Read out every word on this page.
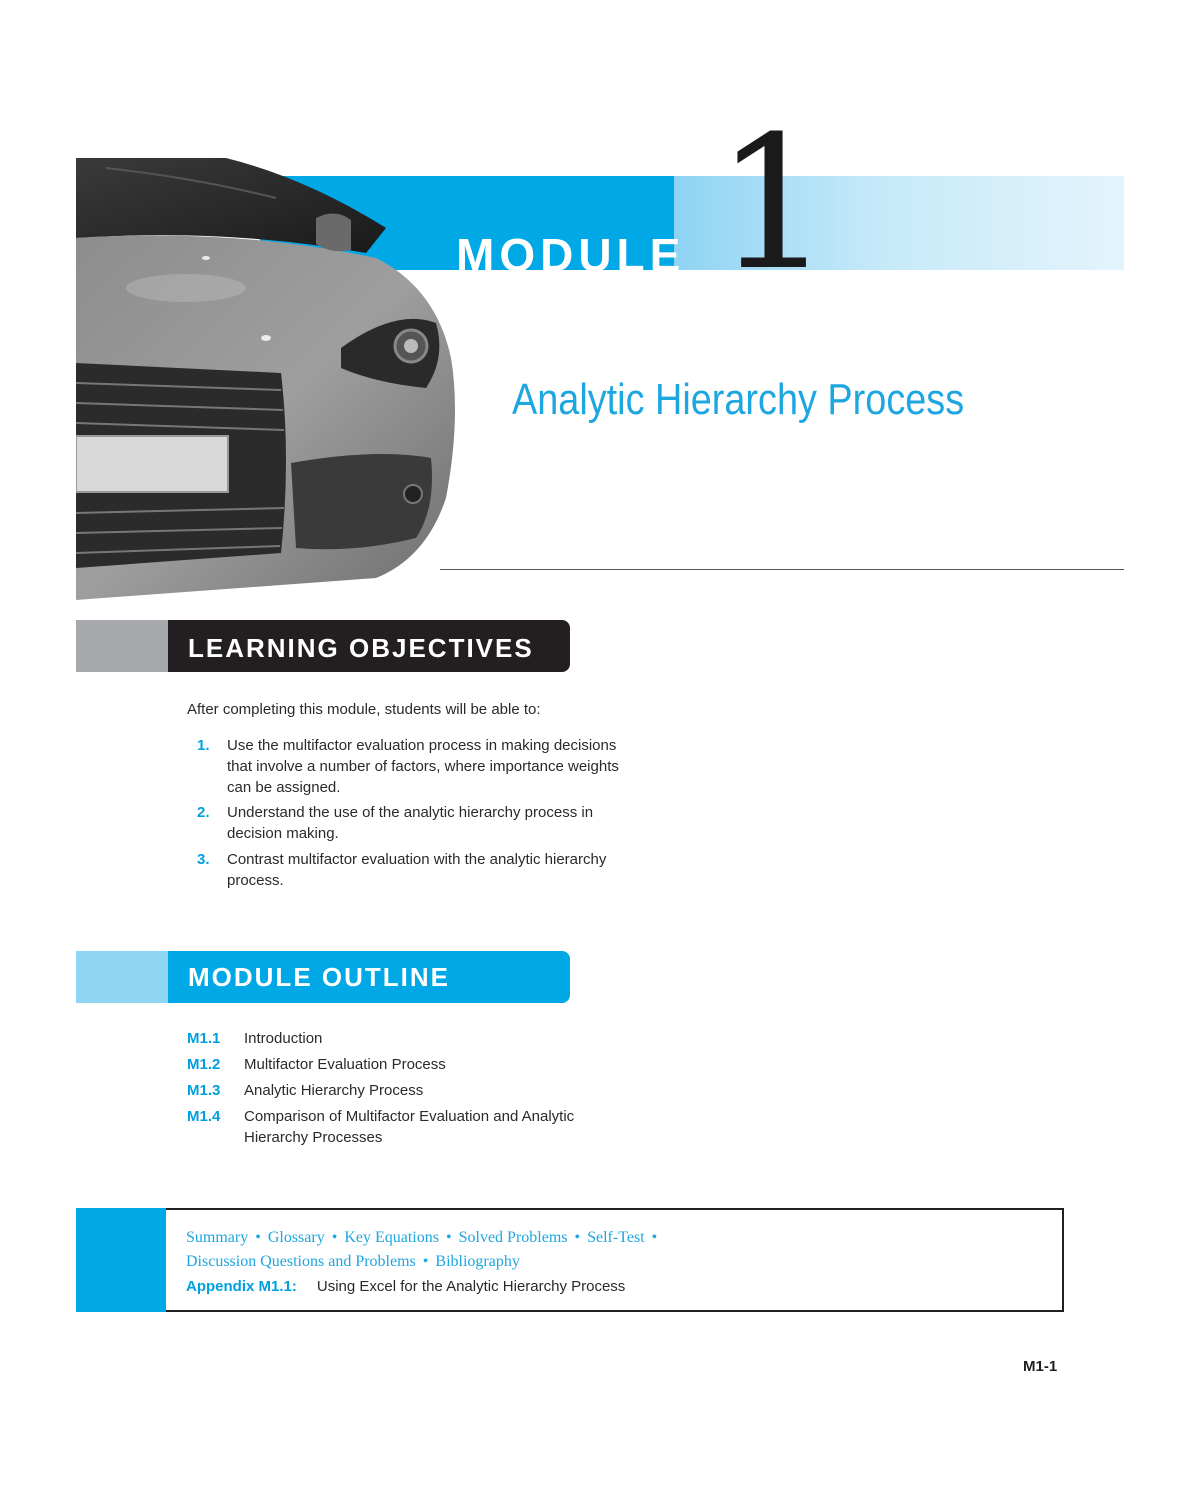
MODULE 1
Analytic Hierarchy Process
LEARNING OBJECTIVES
After completing this module, students will be able to:
1. Use the multifactor evaluation process in making decisions that involve a number of factors, where importance weights can be assigned.
2. Understand the use of the analytic hierarchy process in decision making.
3. Contrast multifactor evaluation with the analytic hierarchy process.
MODULE OUTLINE
M1.1 Introduction
M1.2 Multifactor Evaluation Process
M1.3 Analytic Hierarchy Process
M1.4 Comparison of Multifactor Evaluation and Analytic Hierarchy Processes
Summary • Glossary • Key Equations • Solved Problems • Self-Test •
Discussion Questions and Problems • Bibliography
Appendix M1.1: Using Excel for the Analytic Hierarchy Process
M1-1
